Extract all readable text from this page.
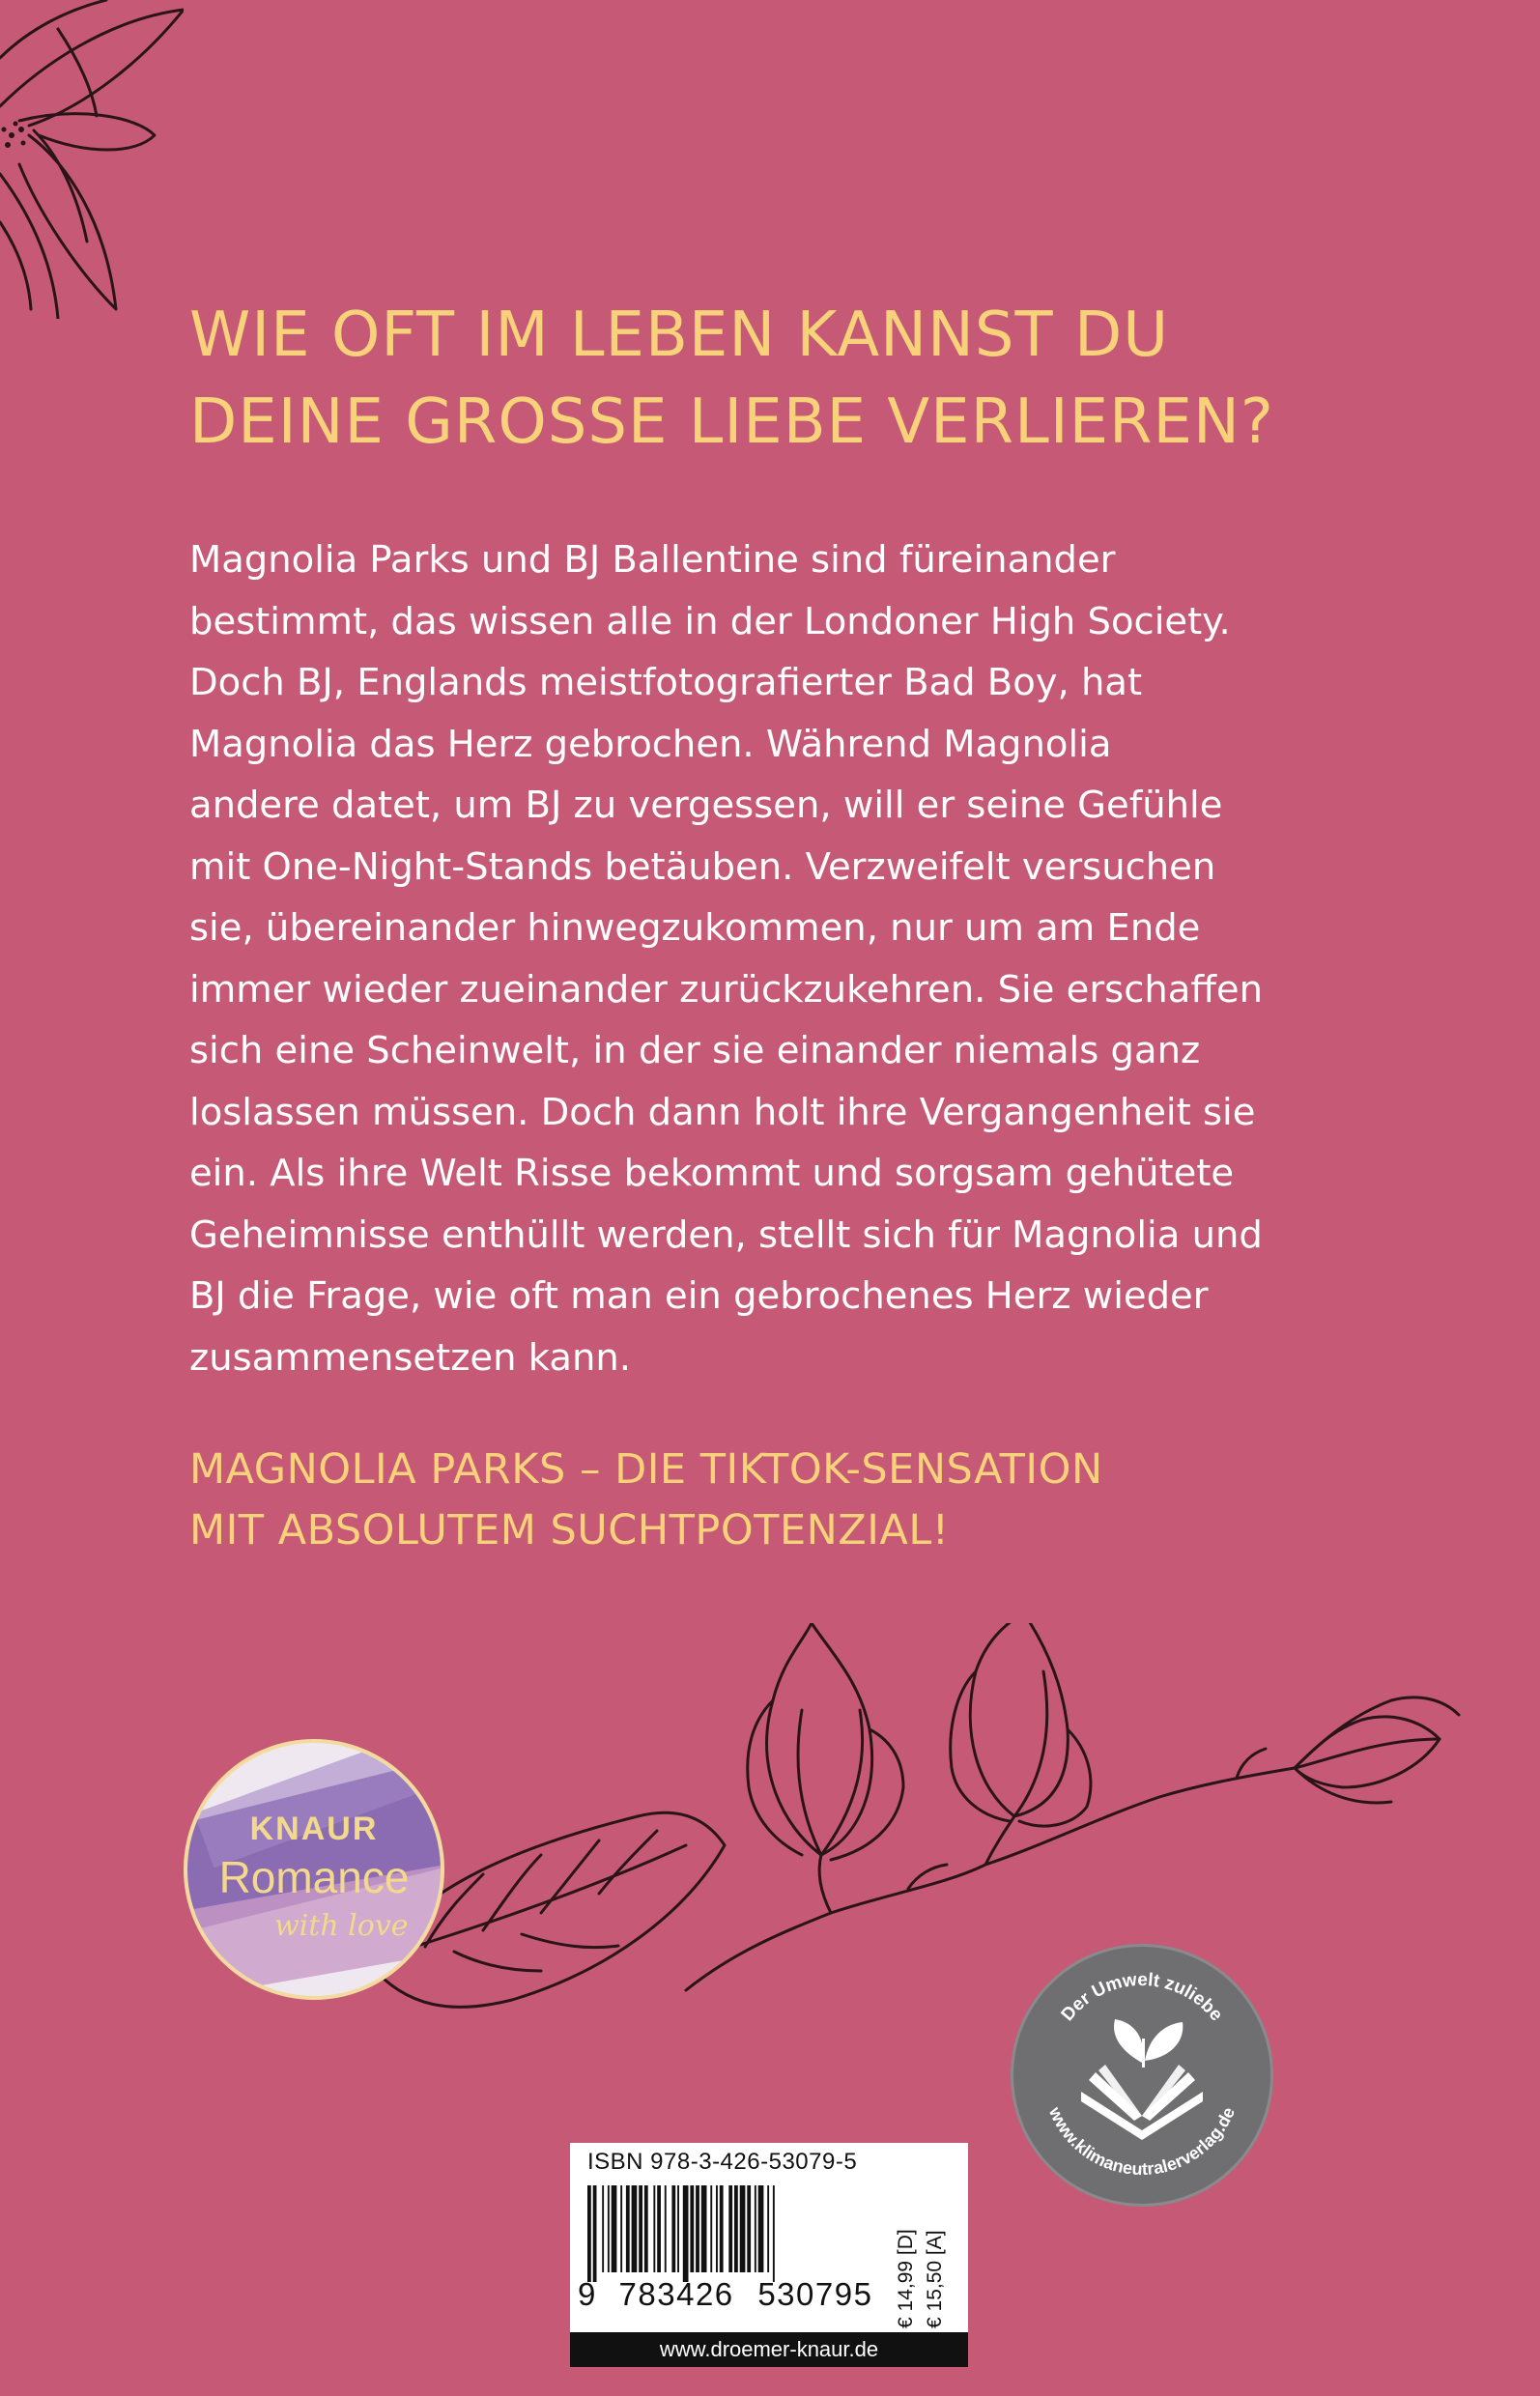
WIE OFT IM LEBEN KANNST DU
DEINE GROSSE LIEBE VERLIEREN?
Magnolia Parks und BJ Ballentine sind füreinander
bestimmt, das wissen alle in der Londoner High Society.
Doch BJ, Englands meistfotografierter Bad Boy, hat
Magnolia das Herz gebrochen. Während Magnolia
andere datet, um BJ zu vergessen, will er seine Gefühle
mit One-Night-Stands betäuben. Verzweifelt versuchen
sie, übereinander hinwegzukommen, nur um am Ende
immer wieder zueinander zurückzukehren. Sie erschaffen
sich eine Scheinwelt, in der sie einander niemals ganz
loslassen müssen. Doch dann holt ihre Vergangenheit sie
ein. Als ihre Welt Risse bekommt und sorgsam gehütete
Geheimnisse enthüllt werden, stellt sich für Magnolia und
BJ die Frage, wie oft man ein gebrochenes Herz wieder
zusammensetzen kann.
MAGNOLIA PARKS – DIE TIKTOK-SENSATION
MIT ABSOLUTEM SUCHTPOTENZIAL!
KNAUR
Romance
with love
Der Umwelt zuliebe
www.klimaneutralerverlag.de
ISBN 978-3-426-53079-5
9 783426 530795 € 14,99 [D] € 15,50 [A]
www.droemer-knaur.de
